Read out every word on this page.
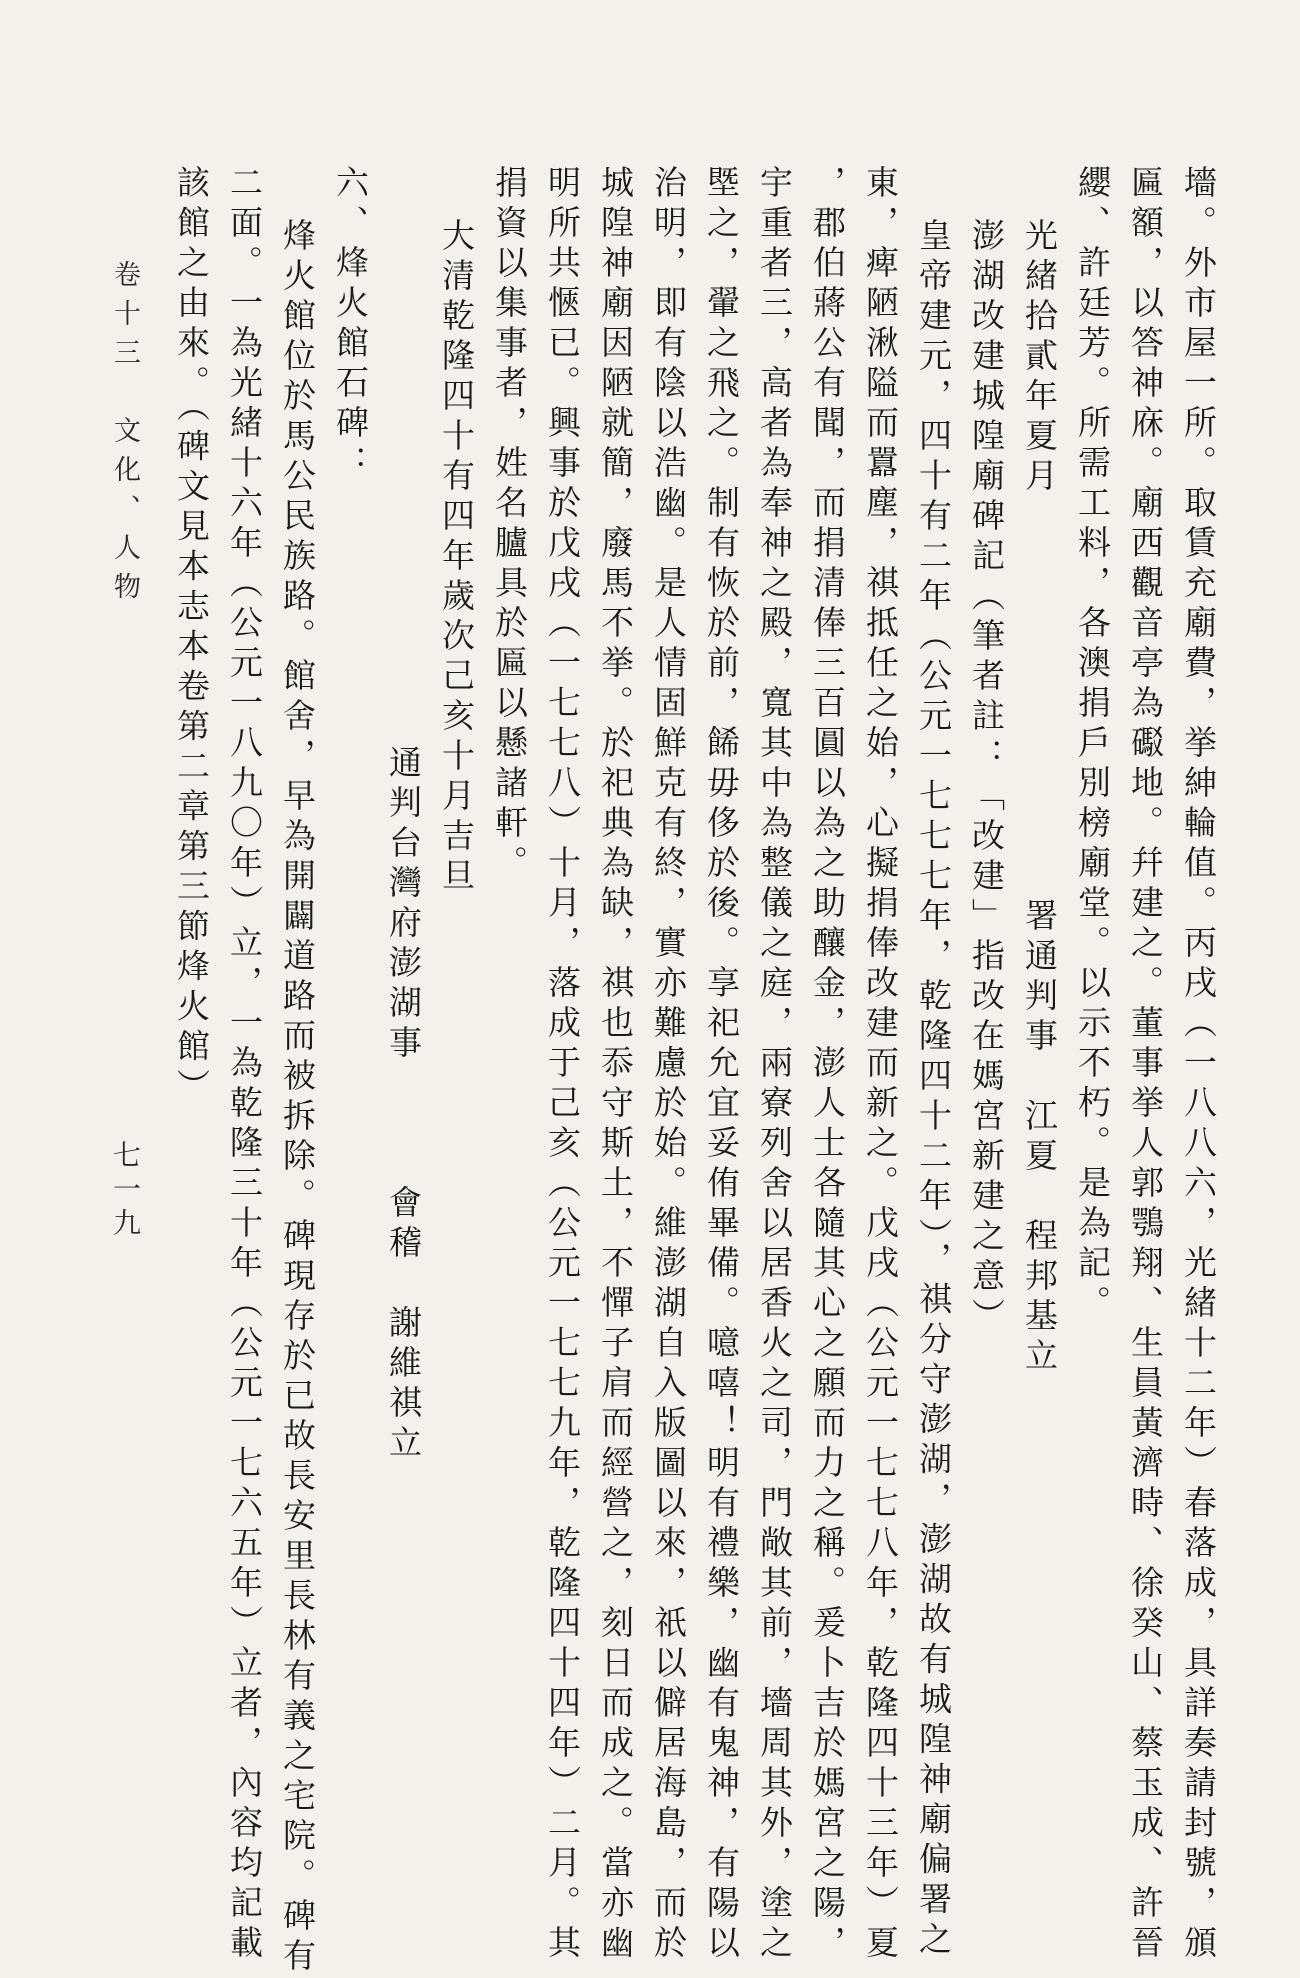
墻。外市屋一所。取賃充廟費，挙紳輪值。丙戌（一八八六，光緒十二年）春落成，具詳奏請封號，頒
匾額，以答神庥。廟西觀音亭為礟地。幷建之。董事挙人郭鶚翔、生員黃濟時、徐癸山、蔡玉成、許晉
纓、許廷芳。所需工料，各澳捐戶別榜廟堂。以示不朽。是為記。
光緒拾貳年夏月　　　　　　　　　　署通判事　江夏　程邦基立
澎湖改建城隍廟碑記（筆者註：「改建」指改在媽宮新建之意）
皇帝建元，四十有二年（公元一七七七年，乾隆四十二年），祺分守澎湖，澎湖故有城隍神廟偏署之
東，痺陋湫隘而囂塵，祺抵任之始，心擬捐俸改建而新之。戊戌（公元一七七八年，乾隆四十三年）夏
，郡伯蔣公有聞，而捐清俸三百圓以為之助釀金，澎人士各隨其心之願而力之稱。爰卜吉於媽宮之陽，
宇重者三，高者為奉神之殿，寬其中為整儀之庭，兩寮列舍以居香火之司，門敞其前，墻周其外，塗之
塈之，翬之飛之。制有恢於前，餙毋侈於後。享祀允宜妥侑畢備。噫嘻！明有禮樂，幽有鬼神，有陽以
治明，即有陰以浩幽。是人情固鮮克有終，實亦難慮於始。維澎湖自入版圖以來，祇以僻居海島，而於
城隍神廟因陋就簡，廢馬不挙。於祀典為缺，祺也忝守斯土，不憚子肩而經營之，刻日而成之。當亦幽
明所共愜已。興事於戊戌（一七七八）十月，落成于己亥（公元一七七九年，乾隆四十四年）二月。其
捐資以集事者，姓名臚具於匾以懸諸軒。
大清乾隆四十有四年歲次己亥十月吉旦
通判台灣府澎湖事　　　會稽　謝維祺立
六、烽火館石碑：
烽火館位於馬公民族路。館舍，早為開闢道路而被拆除。碑現存於已故長安里長林有義之宅院。碑有
二面。一為光緒十六年（公元一八九〇年）立，一為乾隆三十年（公元一七六五年）立者，內容均記載
該館之由來。（碑文見本志本卷第二章第三節烽火館）
卷十三　文化、人物
七一九
